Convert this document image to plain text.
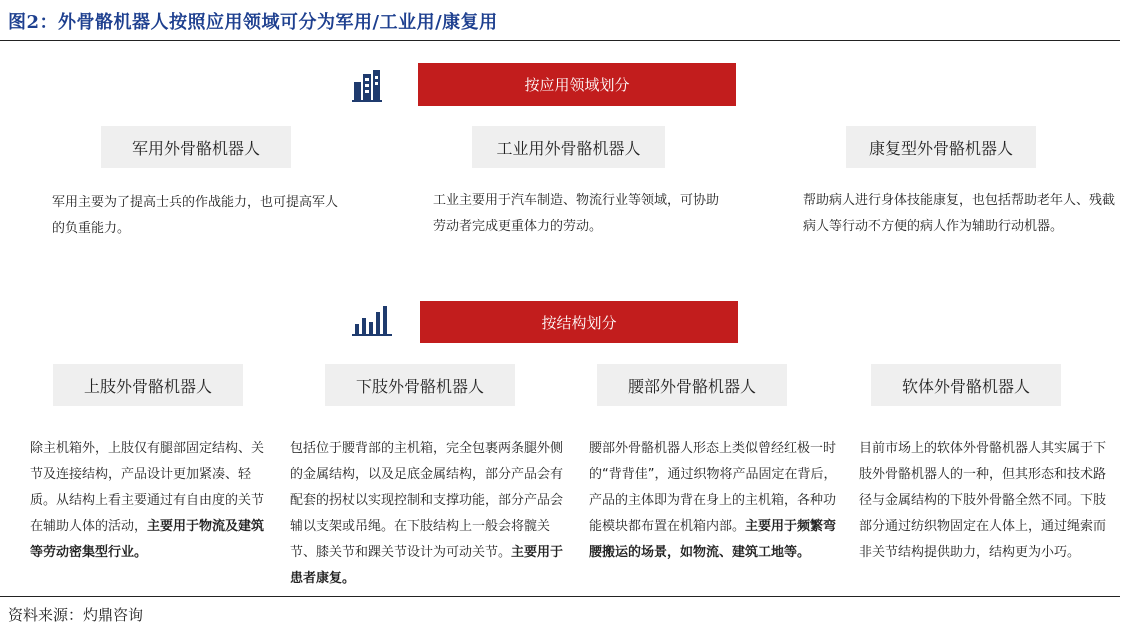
图2：外骨骼机器人按照应用领域可分为军用/工业用/康复用
按应用领域划分
军用外骨骼机器人	工业用外骨骼机器人	康复型外骨骼机器人
军用主要为了提高士兵的作战能力，也可提高军人的负重能力。
工业主要用于汽车制造、物流行业等领域，可协助劳动者完成更重体力的劳动。
帮助病人进行身体技能康复，也包括帮助老年人、残截病人等行动不方便的病人作为辅助行动机器。
按结构划分
上肢外骨骼机器人	下肢外骨骼机器人	腰部外骨骼机器人	软体外骨骼机器人
除主机箱外，上肢仅有腿部固定结构、关节及连接结构，产品设计更加紧凑、轻质。从结构上看主要通过有自由度的关节在辅助人体的活动，主要用于物流及建筑等劳动密集型行业。
包括位于腰背部的主机箱，完全包裹两条腿外侧的金属结构，以及足底金属结构，部分产品会有配套的拐杖以实现控制和支撑功能，部分产品会辅以支架或吊绳。在下肢结构上一般会将髋关节、膝关节和踝关节设计为可动关节。主要用于患者康复。
腰部外骨骼机器人形态上类似曾经红极一时的“背背佳”，通过织物将产品固定在背后，产品的主体即为背在身上的主机箱，各种功能模块都布置在机箱内部。主要用于频繁弯腰搬运的场景，如物流、建筑工地等。
目前市场上的软体外骨骼机器人其实属于下肢外骨骼机器人的一种，但其形态和技术路径与金属结构的下肢外骨骼全然不同。下肢部分通过纺织物固定在人体上，通过绳索而非关节结构提供助力，结构更为小巧。
资料来源：灼鼎咨询
